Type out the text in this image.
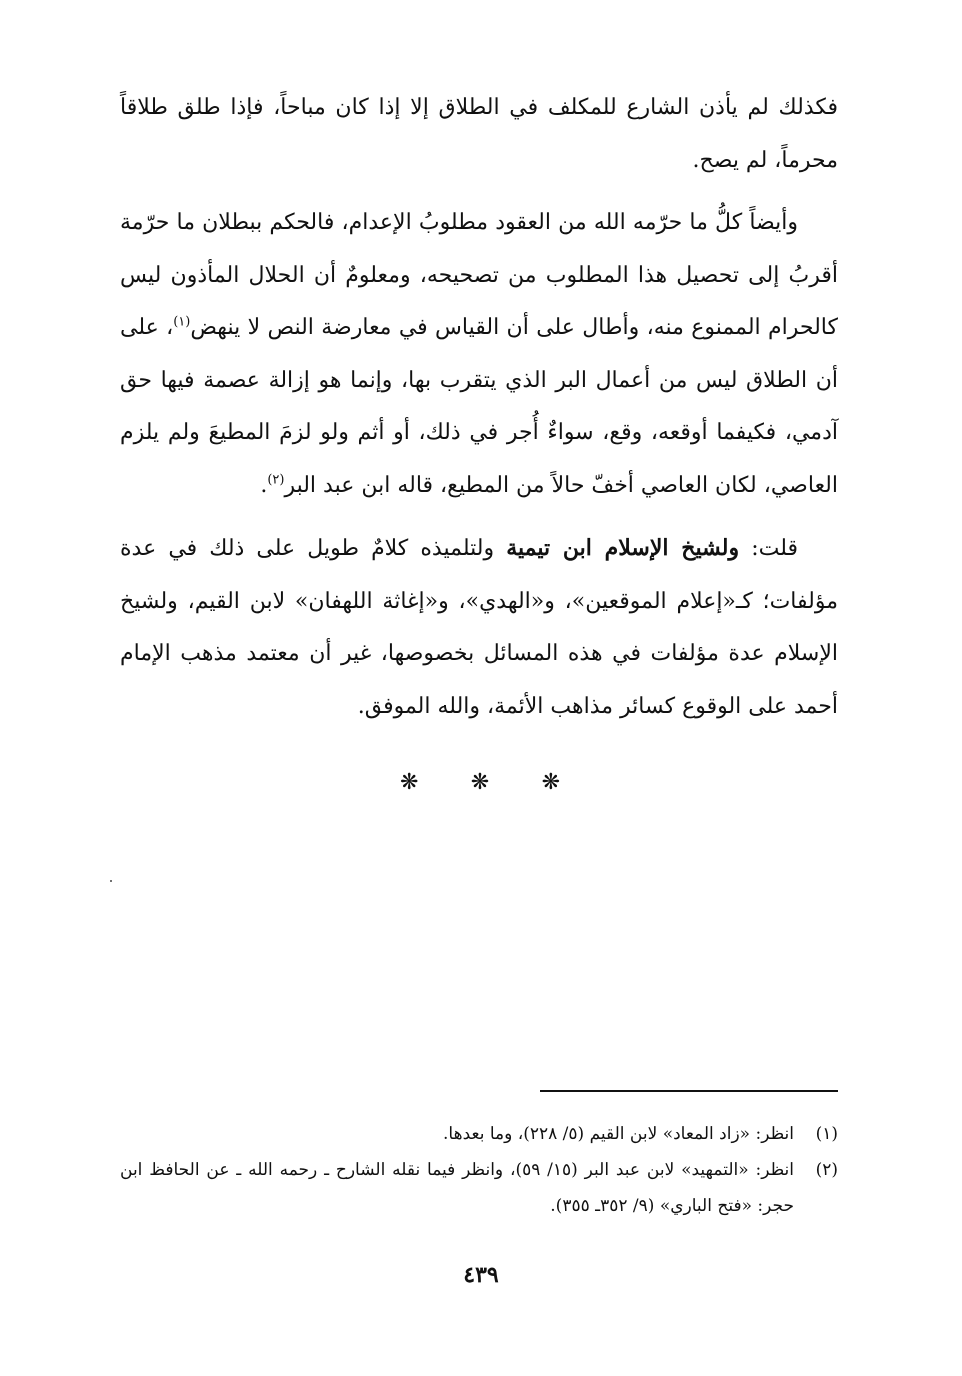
فكذلك لم يأذن الشارع للمكلف في الطلاق إلا إذا كان مباحاً، فإذا طلق طلاقاً محرماً، لم يصح.

وأيضاً كلُّ ما حرّمه الله من العقود مطلوبُ الإعدام، فالحكم ببطلان ما حرّمة أقربُ إلى تحصيل هذا المطلوب من تصحيحه، ومعلومٌ أن الحلال المأذون ليس كالحرام الممنوع منه، وأطال على أن القياس في معارضة النص لا ينهض$^{(١)}$، على أن الطلاق ليس من أعمال البر الذي يتقرب بها، وإنما هو إزالة عصمة فيها حق آدمي، فكيفما أوقعه، وقع، سواءٌ أُجر في ذلك، أو أثم ولو لزمَ المطيعَ ولم يلزم العاصي، لكان العاصي أخفّ حالاً من المطيع، قاله ابن عبد البر$^{(٢)}$.

قلت: ولشيخ الإسلام ابن تيمية ولتلميذه كلامٌ طويل على ذلك في عدة مؤلفات؛ كـ«إعلام الموقعين»، و«الهدي»، و«إغاثة اللهفان» لابن القيم، ولشيخ الإسلام عدة مؤلفات في هذه المسائل بخصوصها، غير أن معتمد مذهب الإمام أحمد على الوقوع كسائر مذاهب الأئمة، والله الموفق.

❋ ❋ ❋
(١)
انظر: «زاد المعاد» لابن القيم (٥/ ٢٢٨)، وما بعدها.
(٢)
انظر: «التمهيد» لابن عبد البر (١٥/ ٥٩)، وانظر فيما نقله الشارح ـ رحمه الله ـ عن الحافظ ابن حجر: «فتح الباري» (٩/ ٣٥٢ـ ٣٥٥).
٤٣٩
